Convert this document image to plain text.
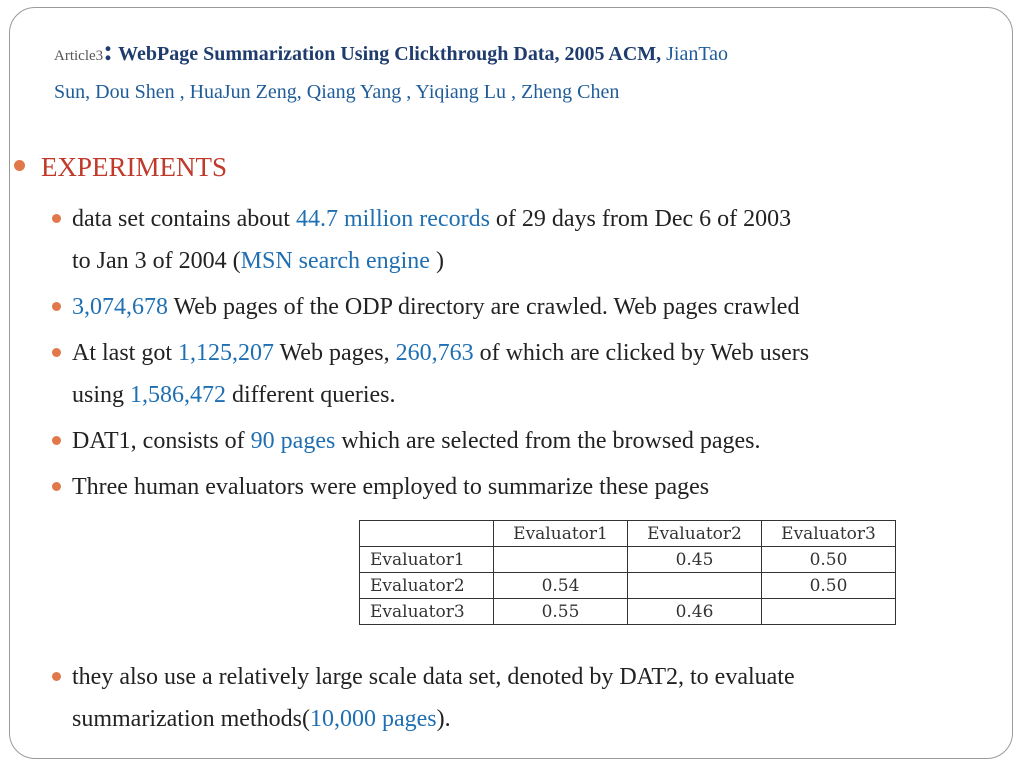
Article3: WebPage Summarization Using Clickthrough Data, 2005 ACM, JianTao
Sun, Dou Shen , HuaJun Zeng, Qiang Yang , Yiqiang Lu , Zheng Chen
EXPERIMENTS
data set contains about 44.7 million records of 29 days from Dec 6 of 2003
to Jan 3 of 2004 (MSN search engine )
3,074,678 Web pages of the ODP directory are crawled. Web pages crawled
At last got 1,125,207 Web pages, 260,763 of which are clicked by Web users
using 1,586,472 different queries.
DAT1, consists of 90 pages which are selected from the browsed pages.
Three human evaluators were employed to summarize these pages
	Evaluator1	Evaluator2	Evaluator3
Evaluator1		0.45	0.50
Evaluator2	0.54		0.50
Evaluator3	0.55	0.46	
they also use a relatively large scale data set, denoted by DAT2, to evaluate
summarization methods(10,000 pages).
